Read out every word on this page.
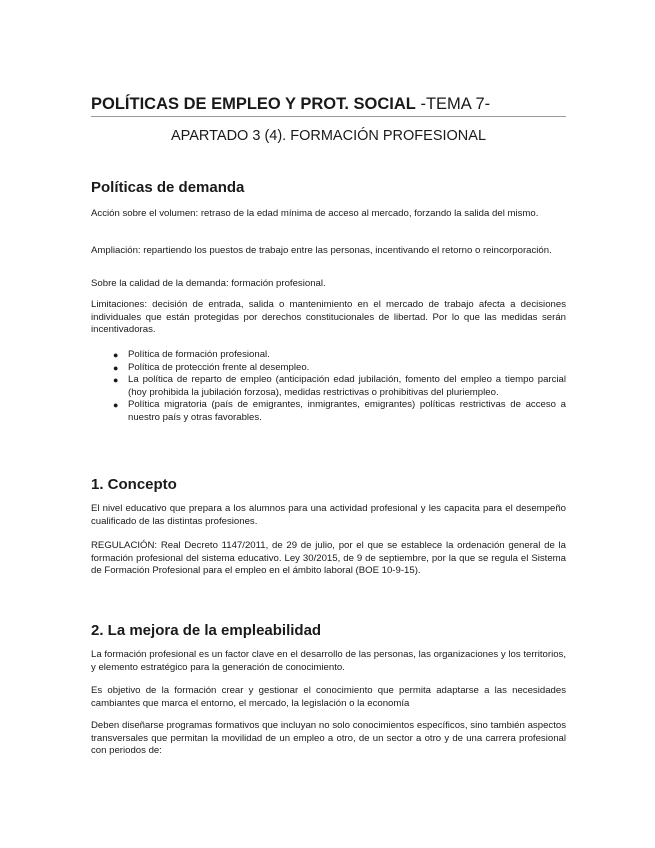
POLÍTICAS DE EMPLEO Y PROT. SOCIAL -TEMA 7-
APARTADO 3 (4). FORMACIÓN PROFESIONAL
Políticas de demanda

Acción sobre el volumen: retraso de la edad mínima de acceso al mercado, forzando la salida del mismo.

Ampliación: repartiendo los puestos de trabajo entre las personas, incentivando el retorno o reincorporación.

Sobre la calidad de la demanda: formación profesional.

Limitaciones: decisión de entrada, salida o mantenimiento en el mercado de trabajo afecta a decisiones individuales que están protegidas por derechos constitucionales de libertad. Por lo que las medidas serán incentivadoras.

● Política de formación profesional.
● Política de protección frente al desempleo.
● La política de reparto de empleo (anticipación edad jubilación, fomento del empleo a tiempo parcial (hoy prohibida la jubilación forzosa), medidas restrictivas o prohibitivas del pluriempleo.
● Política migratoria (país de emigrantes, inmigrantes, emigrantes) políticas restrictivas de acceso a nuestro país y otras favorables.
1. Concepto

El nivel educativo que prepara a los alumnos para una actividad profesional y les capacita para el desempeño cualificado de las distintas profesiones.

REGULACIÓN: Real Decreto 1147/2011, de 29 de julio, por el que se establece la ordenación general de la formación profesional del sistema educativo. Ley 30/2015, de 9 de septiembre, por la que se regula el Sistema de Formación Profesional para el empleo en el ámbito laboral (BOE 10-9-15).

2. La mejora de la empleabilidad

La formación profesional es un factor clave en el desarrollo de las personas, las organizaciones y los territorios, y elemento estratégico para la generación de conocimiento.

Es objetivo de la formación crear y gestionar el conocimiento que permita adaptarse a las necesidades cambiantes que marca el entorno, el mercado, la legislación o la economía

Deben diseñarse programas formativos que incluyan no solo conocimientos específicos, sino también aspectos transversales que permitan la movilidad de un empleo a otro, de un sector a otro y de una carrera profesional con periodos de:
